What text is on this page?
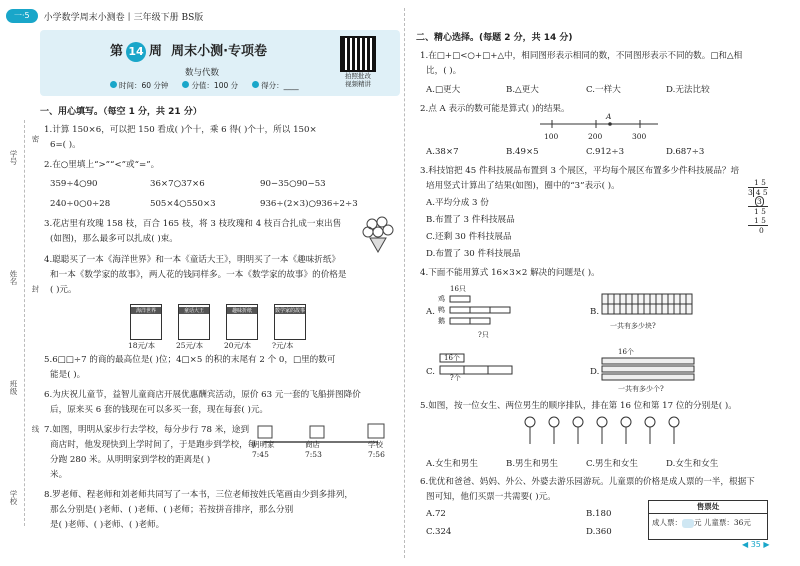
一·5	小学数学周末小测卷丨三年级下册 BS版
第 14 周 周末小测·专项卷
数与代数
时间：60 分钟	分值：100 分	得分：____
拍照批改
视频精讲
学号
密
姓名
封
班级
线
学校
一、用心填写。（每空 1 分，共 21 分）
1.计算 150×6，可以把 150 看成( )个十，乘 6 得( )个十，所以 150×
6=( )。
2.在○里填上“>”“<”或“=”。
359÷4○90	36×7○37×6	90−35○90−53
240÷0○0÷28	505×4○550×3	936÷(2×3)○936÷2÷3
3.花店里有玫瑰 158 枝，百合 165 枝，将 3 枝玫瑰和 4 枝百合扎成一束出售
(如图)，那么最多可以扎成( )束。
4.聪聪买了一本《海洋世界》和一本《童话大王》，明明买了一本《趣味折纸》
和一本《数学家的故事》，两人花的钱同样多。一本《数学家的故事》的价格是
( )元。
海洋世界
18元/本
童话大王
25元/本
趣味折纸
20元/本
数学家的故事
?元/本
5.6□□÷7 的商的最高位是( )位；4□×5 的积的末尾有 2 个 0，□里的数可
能是( )。
6.为庆祝儿童节，益智儿童商店开展优惠酬宾活动，原价 63 元一套的飞船拼图降价
后，原来买 6 套的钱现在可以多买一套，现在每套( )元。
7.如图，明明从家步行去学校，每分步行 78 米，途到
商店时，他发现快到上学时间了，于是跑步到学校，每
分跑 280 米。从明明家到学校的距离是( )
米。
明明家
7:45
商店
7:53
学校
7:56
8.罗老师、程老师和刘老师共同写了一本书，三位老师按姓氏笔画由少到多排列，
那么分别是( )老师、( )老师、( )老师；若按拼音排序，那么分别
是( )老师、( )老师、( )老师。
二、精心选择。(每题 2 分，共 14 分)
1.在□+□<○+□+△中，相同图形表示相同的数，不同图形表示不同的数。□和△相
比，( )。
A.□更大	B.△更大	C.一样大	D.无法比较
2.点 A 表示的数可能是算式( )的结果。
A
100	200	300
A.38×7	B.49×5	C.912÷3	D.687÷3
3.科技馆把 45 件科技展品布置到 3 个展区，平均每个展区布置多少件科技展品？培
培用竖式计算出了结果(如图)，圈中的“3”表示( )。
A.平均分成 3 份
B.布置了 3 件科技展品
C.还剩 30 件科技展品
D.布置了 30 件科技展品
1 5
3 4 5
3
1 5
1 5
0
4.下面不能用算式 16×3×2 解决的问题是( )。
A.
16只
鸡
鸭
鹅
?只
B.
一共有多少块?
C.
16个
?个
D.
16个
一共有多少个?
5.如图，按一位女生、两位男生的顺序排队，排在第 16 位和第 17 位的分别是( )。
A.女生和男生	B.男生和男生	C.男生和女生	D.女生和女生
6.优优和爸爸、妈妈、外公、外婆去游乐园游玩。儿童票的价格是成人票的一半，根据下
图可知，他们买票一共需要( )元。
A.72	B.180
C.324	D.360
售票处
成人票： 元 儿童票：36元
◀ 35 ▶
